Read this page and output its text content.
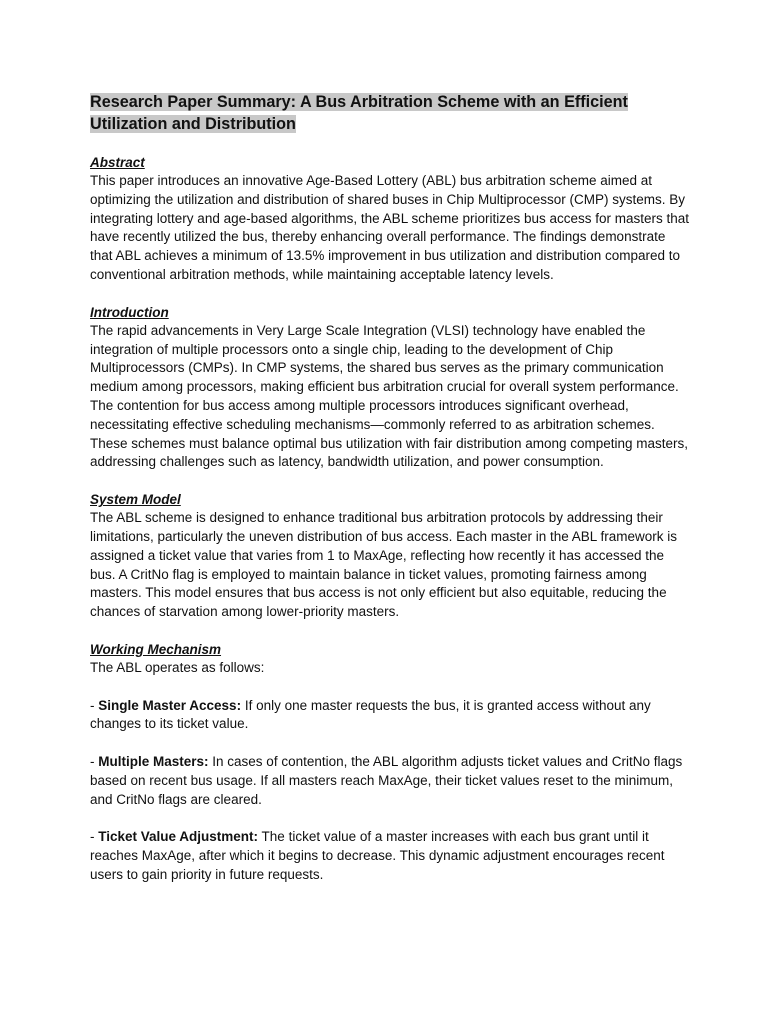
Research Paper Summary: A Bus Arbitration Scheme with an Efficient Utilization and Distribution

Abstract

This paper introduces an innovative Age-Based Lottery (ABL) bus arbitration scheme aimed at optimizing the utilization and distribution of shared buses in Chip Multiprocessor (CMP) systems. By integrating lottery and age-based algorithms, the ABL scheme prioritizes bus access for masters that have recently utilized the bus, thereby enhancing overall performance. The findings demonstrate that ABL achieves a minimum of 13.5% improvement in bus utilization and distribution compared to conventional arbitration methods, while maintaining acceptable latency levels.

Introduction

The rapid advancements in Very Large Scale Integration (VLSI) technology have enabled the integration of multiple processors onto a single chip, leading to the development of Chip Multiprocessors (CMPs). In CMP systems, the shared bus serves as the primary communication medium among processors, making efficient bus arbitration crucial for overall system performance. The contention for bus access among multiple processors introduces significant overhead, necessitating effective scheduling mechanisms—commonly referred to as arbitration schemes. These schemes must balance optimal bus utilization with fair distribution among competing masters, addressing challenges such as latency, bandwidth utilization, and power consumption.

System Model

The ABL scheme is designed to enhance traditional bus arbitration protocols by addressing their limitations, particularly the uneven distribution of bus access. Each master in the ABL framework is assigned a ticket value that varies from 1 to MaxAge, reflecting how recently it has accessed the bus. A CritNo flag is employed to maintain balance in ticket values, promoting fairness among masters. This model ensures that bus access is not only efficient but also equitable, reducing the chances of starvation among lower-priority masters.

Working Mechanism

The ABL operates as follows:

- Single Master Access: If only one master requests the bus, it is granted access without any changes to its ticket value.

- Multiple Masters: In cases of contention, the ABL algorithm adjusts ticket values and CritNo flags based on recent bus usage. If all masters reach MaxAge, their ticket values reset to the minimum, and CritNo flags are cleared.

- Ticket Value Adjustment: The ticket value of a master increases with each bus grant until it reaches MaxAge, after which it begins to decrease. This dynamic adjustment encourages recent users to gain priority in future requests.
